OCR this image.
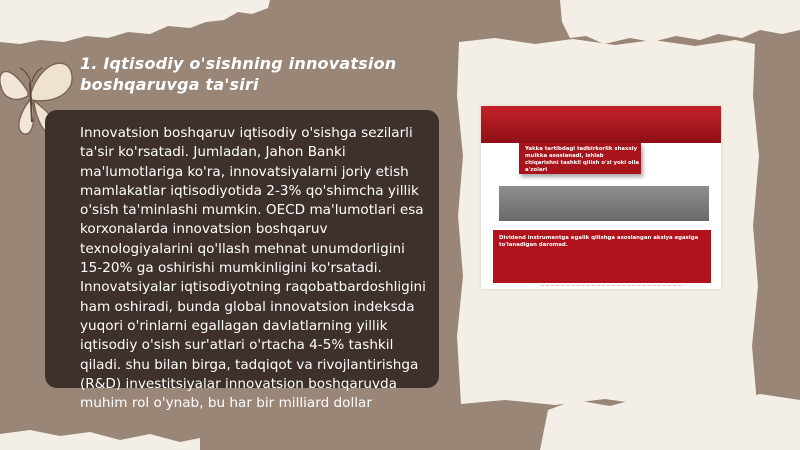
1. Iqtisodiy o'sishning innovatsion boshqaruvga ta'siri

Innovatsion boshqaruv iqtisodiy o'sishga sezilarli ta'sir ko'rsatadi. Jumladan, Jahon Banki ma'lumotlariga ko'ra, innovatsiyalarni joriy etish mamlakatlar iqtisodiyotida 2-3% qo'shimcha yillik o'sish ta'minlashi mumkin. OECD ma'lumotlari esa korxonalarda innovatsion boshqaruv texnologiyalarini qo'llash mehnat unumdorligini 15-20% ga oshirishi mumkinligini ko'rsatadi. Innovatsiyalar iqtisodiyotning raqobatbardoshligini ham oshiradi, bunda global innovatsion indeksda yuqori o'rinlarni egallagan davlatlarning yillik iqtisodiy o'sish sur'atlari o'rtacha 4-5% tashkil qiladi. shu bilan birga, tadqiqot va rivojlantirishga (R&D) investitsiyalar innovatsion boshqaruvda muhim rol o'ynab, bu har bir milliard dollar

Yakka tartibdagi tadbirkorlik shaxsiy mulkka asoslanadi, ishlab chiqarishni tashkil qilish o'zi yoki oila a'zolari
Dividend instrumentga egalik qilishga asoslangan aksiya egasiga to'lanadigan daromad.
